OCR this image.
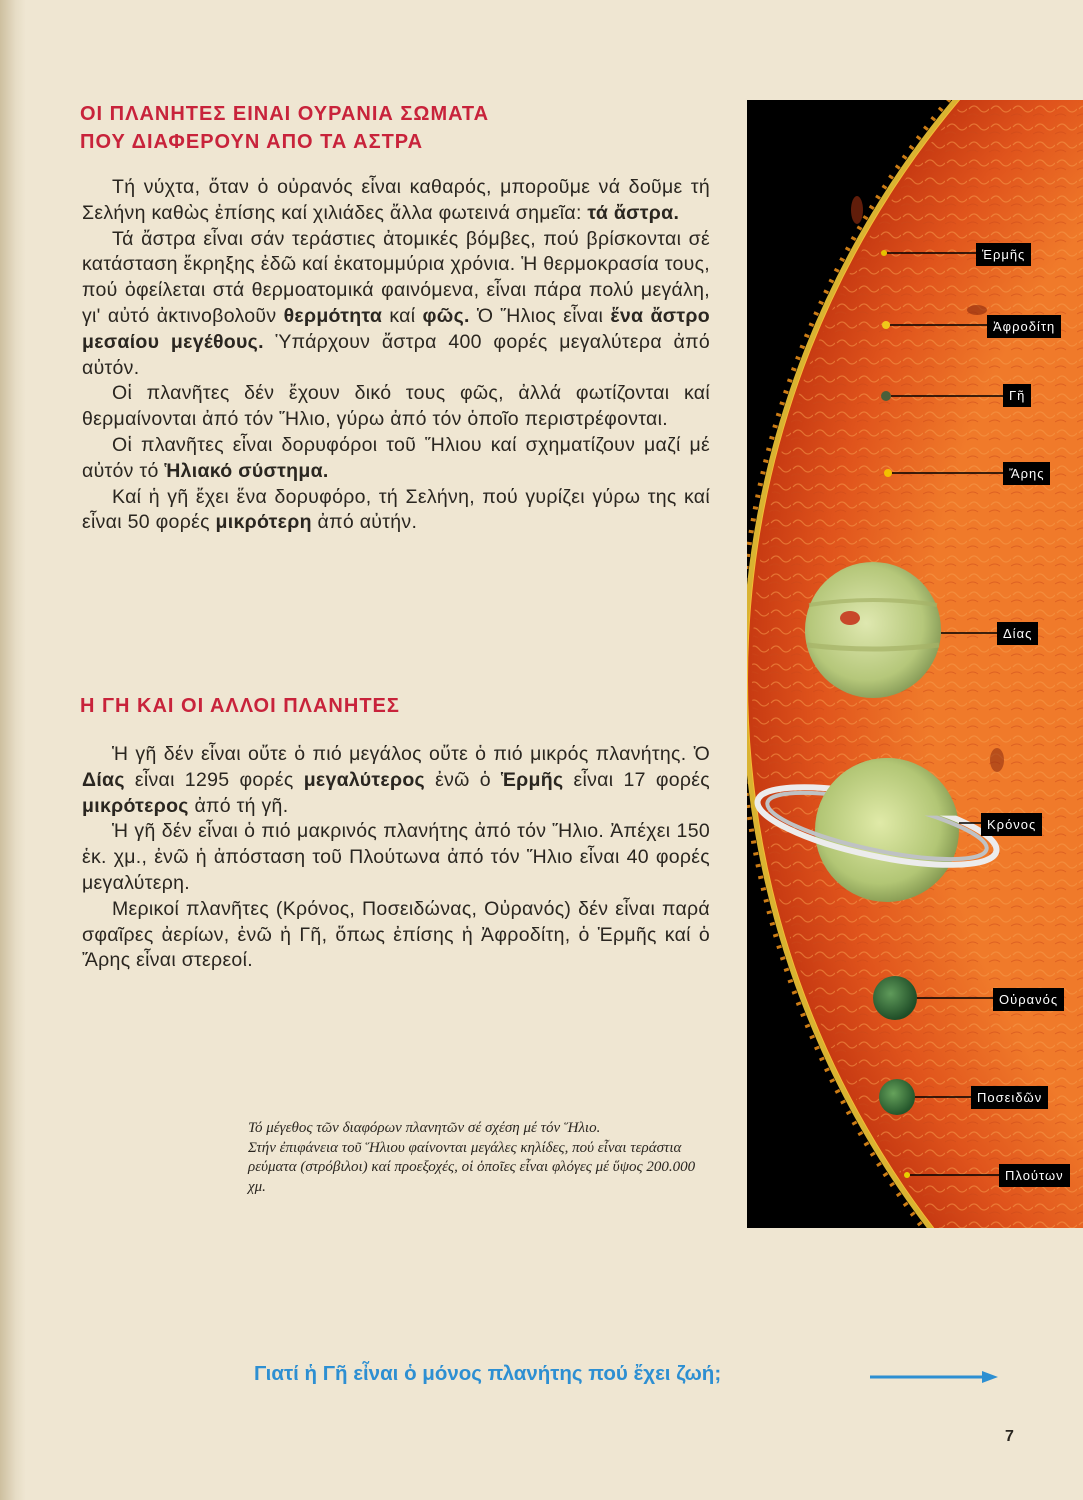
ΟΙ ΠΛΑΝΗΤΕΣ ΕΙΝΑΙ ΟΥΡΑΝΙΑ ΣΩΜΑΤΑ
ΠΟΥ ΔΙΑΦΕΡΟΥΝ ΑΠΟ ΤΑ ΑΣΤΡΑ

Τή νύχτα, ὅταν ὁ οὐρανός εἶναι καθαρός, μποροῦμε νά δοῦμε τή Σελήνη καθὼς ἐπίσης καί χιλιάδες ἄλλα φωτεινά σημεῖα: τά ἄστρα.

Τά ἄστρα εἶναι σάν τεράστιες ἀτομικές βόμβες, πού βρίσκονται σέ κατάσταση ἔκρηξης ἐδῶ καί ἑκατομμύρια χρόνια. Ἡ θερμοκρασία τους, πού ὀφείλεται στά θερμοατομικά φαινόμενα, εἶναι πάρα πολύ μεγάλη, γι' αὐτό ἀκτινοβολοῦν θερμότητα καί φῶς. Ὁ Ἥλιος εἶναι ἕνα ἄστρο μεσαίου μεγέθους. Ὑπάρχουν ἄστρα 400 φορές μεγαλύτερα ἀπό αὐτόν.

Οἱ πλανῆτες δέν ἔχουν δικό τους φῶς, ἀλλά φωτίζονται καί θερμαίνονται ἀπό τόν Ἥλιο, γύρω ἀπό τόν ὁποῖο περιστρέφονται.

Οἱ πλανῆτες εἶναι δορυφόροι τοῦ Ἥλιου καί σχηματίζουν μαζί μέ αὐτόν τό Ἡλιακό σύστημα.

Καί ἡ γῆ ἔχει ἕνα δορυφόρο, τή Σελήνη, πού γυρίζει γύρω της καί εἶναι 50 φορές μικρότερη ἀπό αὐτήν.

Η ΓΗ ΚΑΙ ΟΙ ΑΛΛΟΙ ΠΛΑΝΗΤΕΣ

Ἡ γῆ δέν εἶναι οὔτε ὁ πιό μεγάλος οὔτε ὁ πιό μικρός πλανήτης. Ὁ Δίας εἶναι 1295 φορές μεγαλύτερος ἐνῶ ὁ Ἑρμῆς εἶναι 17 φορές μικρότερος ἀπό τή γῆ.

Ἡ γῆ δέν εἶναι ὁ πιό μακρινός πλανήτης ἀπό τόν Ἥλιο. Ἀπέχει 150 ἑκ. χμ., ἐνῶ ἡ ἀπόσταση τοῦ Πλούτωνα ἀπό τόν Ἥλιο εἶναι 40 φορές μεγαλύτερη.

Μερικοί πλανῆτες (Κρόνος, Ποσειδώνας, Οὐρανός) δέν εἶναι παρά σφαῖρες ἀερίων, ἐνῶ ἡ Γῆ, ὅπως ἐπίσης ἡ Ἀφροδίτη, ὁ Ἑρμῆς καί ὁ Ἄρης εἶναι στερεοί.

Τό μέγεθος τῶν διαφόρων πλανητῶν σέ σχέση μέ τόν Ἥλιο.

Στήν ἐπιφάνεια τοῦ Ἥλιου φαίνονται μεγάλες κηλίδες, πού εἶναι τεράστια ρεύματα (στρόβιλοι) καί προεξοχές, οἱ ὁποῖες εἶναι φλόγες μέ ὕψος 200.000 χμ.

Ἑρμῆς
Ἀφροδίτη
Γῆ
Ἄρης
Δίας
Κρόνος
Οὐρανός
Ποσειδῶν
Πλούτων
Γιατί ἡ Γῆ εἶναι ὁ μόνος πλανήτης πού ἔχει ζωή;
7
